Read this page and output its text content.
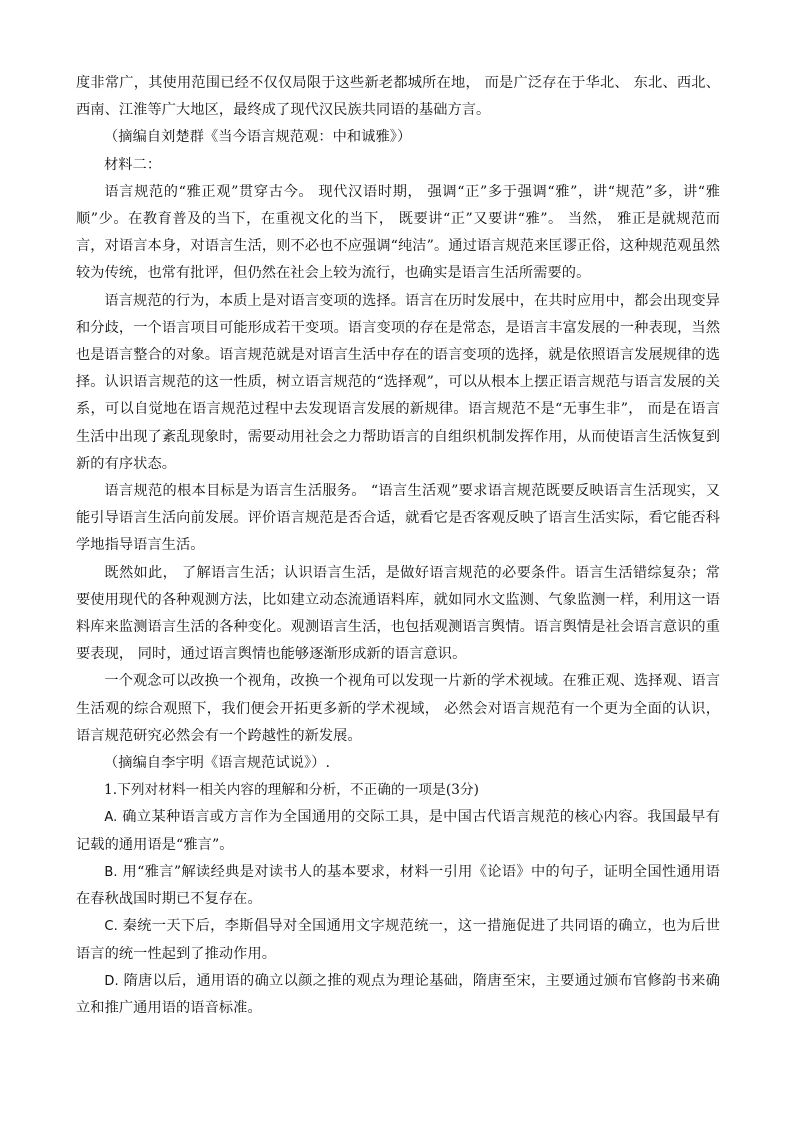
度非常广，其使用范围已经不仅仅局限于这些新老都城所在地， 而是广泛存在于华北、 东北、西北、西南、江淮等广大地区，最终成了现代汉民族共同语的基础方言。

（摘编自刘楚群《当今语言规范观：中和诚雅》）

材料二：

语言规范的“雅正观”贯穿古今。 现代汉语时期， 强调“正”多于强调“雅”，讲“规范”多，讲“雅顺”少。在教育普及的当下，在重视文化的当下， 既要讲“正”又要讲“雅”。 当然， 雅正是就规范而言，对语言本身，对语言生活，则不必也不应强调“纯洁”。通过语言规范来匡谬正俗，这种规范观虽然较为传统，也常有批评，但仍然在社会上较为流行，也确实是语言生活所需要的。

语言规范的行为，本质上是对语言变项的选择。语言在历时发展中，在共时应用中，都会出现变异和分歧，一个语言项目可能形成若干变项。语言变项的存在是常态，是语言丰富发展的一种表现，当然也是语言整合的对象。语言规范就是对语言生活中存在的语言变项的选择，就是依照语言发展规律的选择。认识语言规范的这一性质，树立语言规范的“选择观”，可以从根本上摆正语言规范与语言发展的关系，可以自觉地在语言规范过程中去发现语言发展的新规律。语言规范不是“无事生非”， 而是在语言生活中出现了紊乱现象时，需要动用社会之力帮助语言的自组织机制发挥作用，从而使语言生活恢复到新的有序状态。

语言规范的根本目标是为语言生活服务。 “语言生活观”要求语言规范既要反映语言生活现实，又能引导语言生活向前发展。评价语言规范是否合适，就看它是否客观反映了语言生活实际，看它能否科学地指导语言生活。

既然如此， 了解语言生活；认识语言生活，是做好语言规范的必要条件。语言生活错综复杂；常要使用现代的各种观测方法，比如建立动态流通语料库，就如同水文监测、气象监测一样，利用这一语料库来监测语言生活的各种变化。观测语言生活，也包括观测语言舆情。语言舆情是社会语言意识的重要表现， 同时，通过语言舆情也能够逐渐形成新的语言意识。

一个观念可以改换一个视角，改换一个视角可以发现一片新的学术视域。在雅正观、选择观、语言生活观的综合观照下，我们便会开拓更多新的学术视域， 必然会对语言规范有一个更为全面的认识，语言规范研究必然会有一个跨越性的新发展。

（摘编自李宇明《语言规范试说》）.

1.下列对材料一相关内容的理解和分析，不正确的一项是(3分)

A. 确立某种语言或方言作为全国通用的交际工具，是中国古代语言规范的核心内容。我国最早有记载的通用语是“雅言”。

B. 用“雅言”解读经典是对读书人的基本要求，材料一引用《论语》中的句子，证明全国性通用语在春秋战国时期已不复存在。

C. 秦统一天下后，李斯倡导对全国通用文字规范统一，这一措施促进了共同语的确立，也为后世语言的统一性起到了推动作用。

D. 隋唐以后，通用语的确立以颜之推的观点为理论基础，隋唐至宋，主要通过颁布官修韵书来确立和推广通用语的语音标准。
